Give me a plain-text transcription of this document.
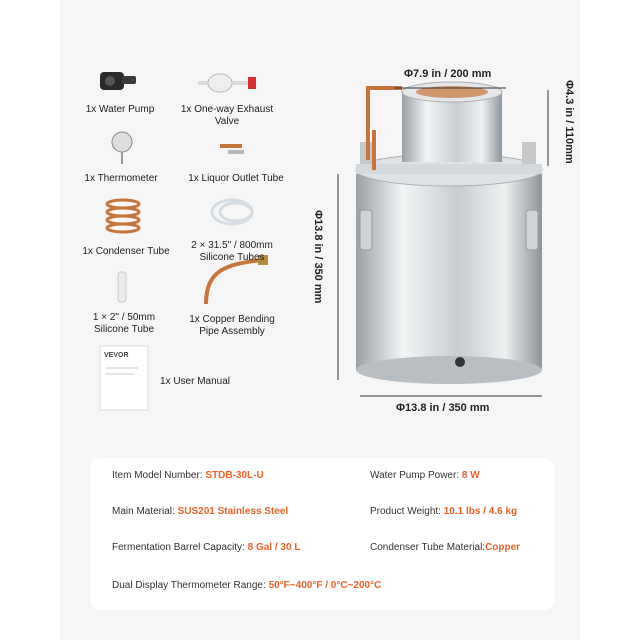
1x Water Pump	1x One-way Exhaust Valve
1x Thermometer	1x Liquor Outlet Tube
1x Condenser Tube
2 × 31.5" / 800mm
Silicone Tubes
1 × 2" / 50mm
Silicone Tube
1x Copper Bending
Pipe Assembly
1x User Manual
VEVOR
Φ7.9 in / 200 mm
Φ4.3 in / 110mm
Φ13.8 in / 350 mm
Φ13.8 in / 350 mm
Item Model Number: STDB-30L-U	Water Pump Power: 8 W
Main Material: SUS201 Stainless Steel	Product Weight: 10.1 lbs / 4.6 kg
Fermentation Barrel Capacity: 8 Gal / 30 L	Condenser Tube Material:Copper
Dual Display Thermometer Range: 50°F~400°F / 0°C~200°C
